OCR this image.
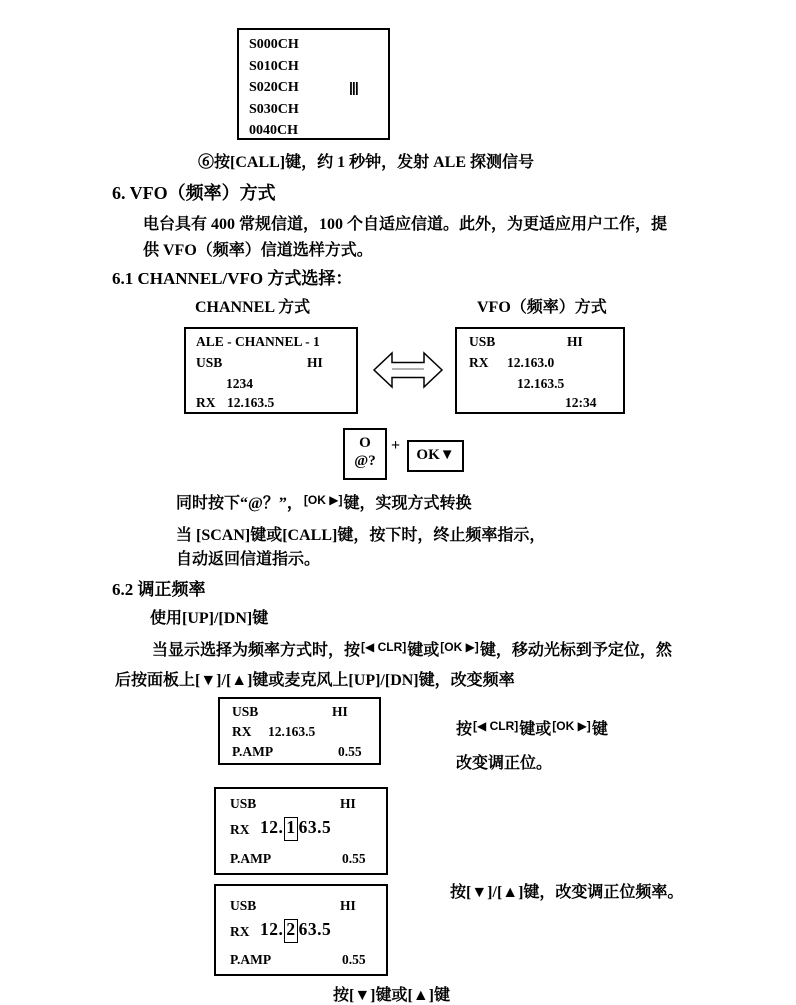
S000CH
S010CH
S020CH	|||
S030CH
0040CH
⑥按[CALL]键，约 1 秒钟，发射 ALE 探测信号
6. VFO（频率）方式
电台具有 400 常规信道，100 个自适应信道。此外，为更适应用户工作，提
供 VFO（频率）信道选样方式。
6.1 CHANNEL/VFO 方式选择：
CHANNEL 方式	VFO（频率）方式
ALE - CHANNEL - 1
USB	HI
1234
RX 12.163.5
USB	HI
RX 12.163.0
12.163.5
12:34
O
@?
+
OK▼
同时按下“@？”，[OK ▶]键，实现方式转换
当 [SCAN]键或[CALL]键，按下时，终止频率指示，
自动返回信道指示。
6.2 调正频率
使用[UP]/[DN]键
当显示选择为频率方式时，按[◀ CLR]键或[OK ▶]键，移动光标到予定位，然
后按面板上[▼]/[▲]键或麦克风上[UP]/[DN]键，改变频率
USB	HI
RX 12.163.5
P.AMP	0.55
按[◀ CLR]键或[OK ▶]键
改变调正位。
USB	HI
RX 12. 1 63.5
P.AMP	0.55
按[▼]/[▲]键，改变调正位频率。
USB	HI
RX 12. 2 63.5
P.AMP	0.55
按[▼]键或[▲]键
